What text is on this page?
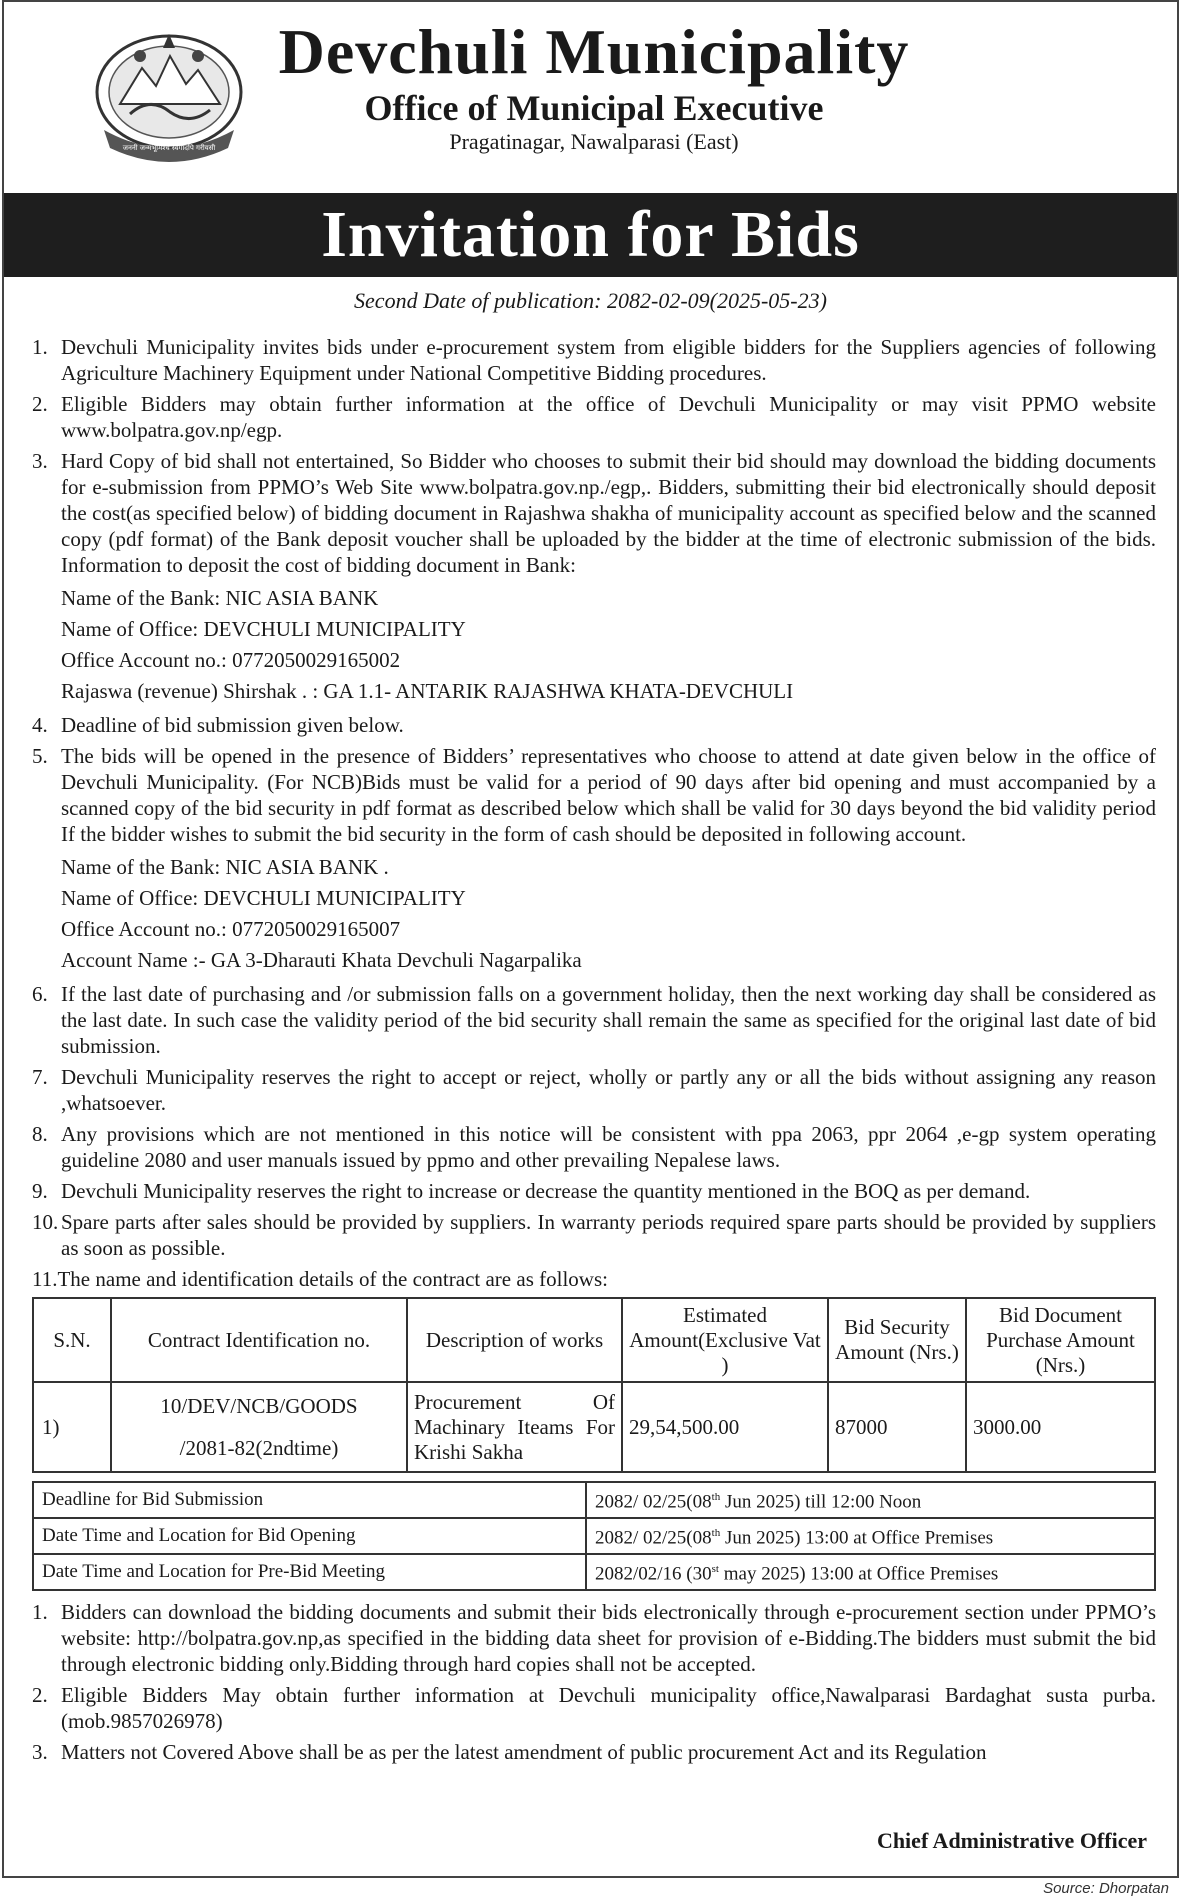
जननी जन्मभूमिश्च स्वर्गादपि गरीयसी
Devchuli Municipality
Office of Municipal Executive
Pragatinagar, Nawalparasi (East)
Invitation for Bids
Second Date of publication: 2082-02-09(2025-05-23)
1. Devchuli Municipality invites bids under e-procurement system from eligible bidders for the Suppliers agencies of following Agriculture Machinery Equipment under National Competitive Bidding procedures.
2. Eligible Bidders may obtain further information at the office of Devchuli Municipality or may visit PPMO website www.bolpatra.gov.np/egp.
3. Hard Copy of bid shall not entertained, So Bidder who chooses to submit their bid should may download the bidding documents for e-submission from PPMO’s Web Site www.bolpatra.gov.np./egp,. Bidders, submitting their bid electronically should deposit the cost(as specified below) of bidding document in Rajashwa shakha of municipality account as specified below and the scanned copy (pdf format) of the Bank deposit voucher shall be uploaded by the bidder at the time of electronic submission of the bids. Information to deposit the cost of bidding document in Bank:
Name of the Bank: NIC ASIA BANK
Name of Office: DEVCHULI MUNICIPALITY
Office Account no.: 0772050029165002
Rajaswa (revenue) Shirshak . : GA 1.1- ANTARIK RAJASHWA KHATA-DEVCHULI
4. Deadline of bid submission given below.
5. The bids will be opened in the presence of Bidders’ representatives who choose to attend at date given below in the office of Devchuli Municipality. (For NCB)Bids must be valid for a period of 90 days after bid opening and must accompanied by a scanned copy of the bid security in pdf format as described below which shall be valid for 30 days beyond the bid validity period If the bidder wishes to submit the bid security in the form of cash should be deposited in following account.
Name of the Bank: NIC ASIA BANK .
Name of Office: DEVCHULI MUNICIPALITY
Office Account no.: 0772050029165007
Account Name :- GA 3-Dharauti Khata Devchuli Nagarpalika
6. If the last date of purchasing and /or submission falls on a government holiday, then the next working day shall be considered as the last date. In such case the validity period of the bid security shall remain the same as specified for the original last date of bid submission.
7. Devchuli Municipality reserves the right to accept or reject, wholly or partly any or all the bids without assigning any reason ,whatsoever.
8. Any provisions which are not mentioned in this notice will be consistent with ppa 2063, ppr 2064 ,e-gp system operating guideline 2080 and user manuals issued by ppmo and other prevailing Nepalese laws.
9. Devchuli Municipality reserves the right to increase or decrease the quantity mentioned in the BOQ as per demand.
10. Spare parts after sales should be provided by suppliers. In warranty periods required spare parts should be provided by suppliers as soon as possible.
11.The name and identification details of the contract are as follows:
S.N.	Contract Identification no.	Description of works	Estimated Amount(Exclusive Vat )	Bid Security Amount (Nrs.)	Bid Document Purchase Amount (Nrs.)
1)	10/DEV/NCB/GOODS
/2081-82(2ndtime)	Procurement Of Machinary Iteams For Krishi Sakha	29,54,500.00	87000	3000.00
Deadline for Bid Submission	2082/ 02/25(08th Jun 2025) till 12:00 Noon
Date Time and Location for Bid Opening	2082/ 02/25(08th Jun 2025) 13:00 at Office Premises
Date Time and Location for Pre-Bid Meeting	2082/02/16 (30st may 2025) 13:00 at Office Premises
1. Bidders can download the bidding documents and submit their bids electronically through e-procurement section under PPMO’s website: http://bolpatra.gov.np,as specified in the bidding data sheet for provision of e-Bidding.The bidders must submit the bid through electronic bidding only.Bidding through hard copies shall not be accepted.
2. Eligible Bidders May obtain further information at Devchuli municipality office,Nawalparasi Bardaghat susta purba.(mob.9857026978)
3. Matters not Covered Above shall be as per the latest amendment of public procurement Act and its Regulation
Chief Administrative Officer
Source: Dhorpatan
